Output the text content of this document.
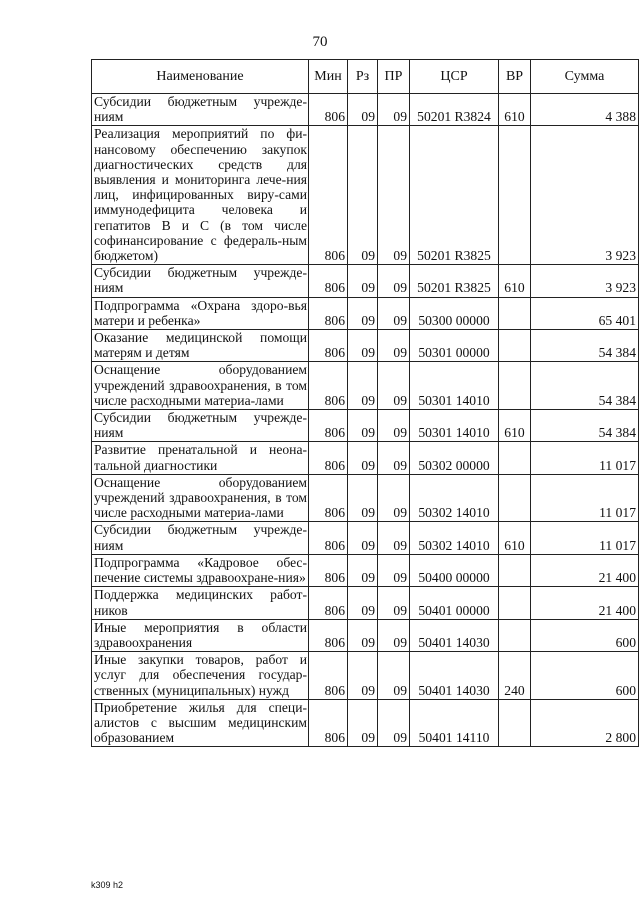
70
Наименование	Мин	Рз	ПР	ЦСР	ВР	Сумма
Субсидии бюджетным учрежде-ниям	806	09	09	50201 R3824	610	4 388
Реализация мероприятий по фи-нансовому обеспечению закупок диагностических средств для выявления и мониторинга лече-ния лиц, инфицированных виру-сами иммунодефицита человека и гепатитов В и С (в том числе софинансирование с федераль-ным бюджетом)	806	09	09	50201 R3825		3 923
Субсидии бюджетным учрежде-ниям	806	09	09	50201 R3825	610	3 923
Подпрограмма «Охрана здоро-вья матери и ребенка»	806	09	09	50300 00000		65 401
Оказание медицинской помощи матерям и детям	806	09	09	50301 00000		54 384
Оснащение оборудованием учреждений здравоохранения, в том числе расходными материа-лами	806	09	09	50301 14010		54 384
Субсидии бюджетным учрежде-ниям	806	09	09	50301 14010	610	54 384
Развитие пренатальной и неона-тальной диагностики	806	09	09	50302 00000		11 017
Оснащение оборудованием учреждений здравоохранения, в том числе расходными материа-лами	806	09	09	50302 14010		11 017
Субсидии бюджетным учрежде-ниям	806	09	09	50302 14010	610	11 017
Подпрограмма «Кадровое обес-печение системы здравоохране-ния»	806	09	09	50400 00000		21 400
Поддержка медицинских работ-ников	806	09	09	50401 00000		21 400
Иные мероприятия в области здравоохранения	806	09	09	50401 14030		600
Иные закупки товаров, работ и услуг для обеспечения государ-ственных (муниципальных) нужд	806	09	09	50401 14030	240	600
Приобретение жилья для специ-алистов с высшим медицинским образованием	806	09	09	50401 14110		2 800
k309 h2
